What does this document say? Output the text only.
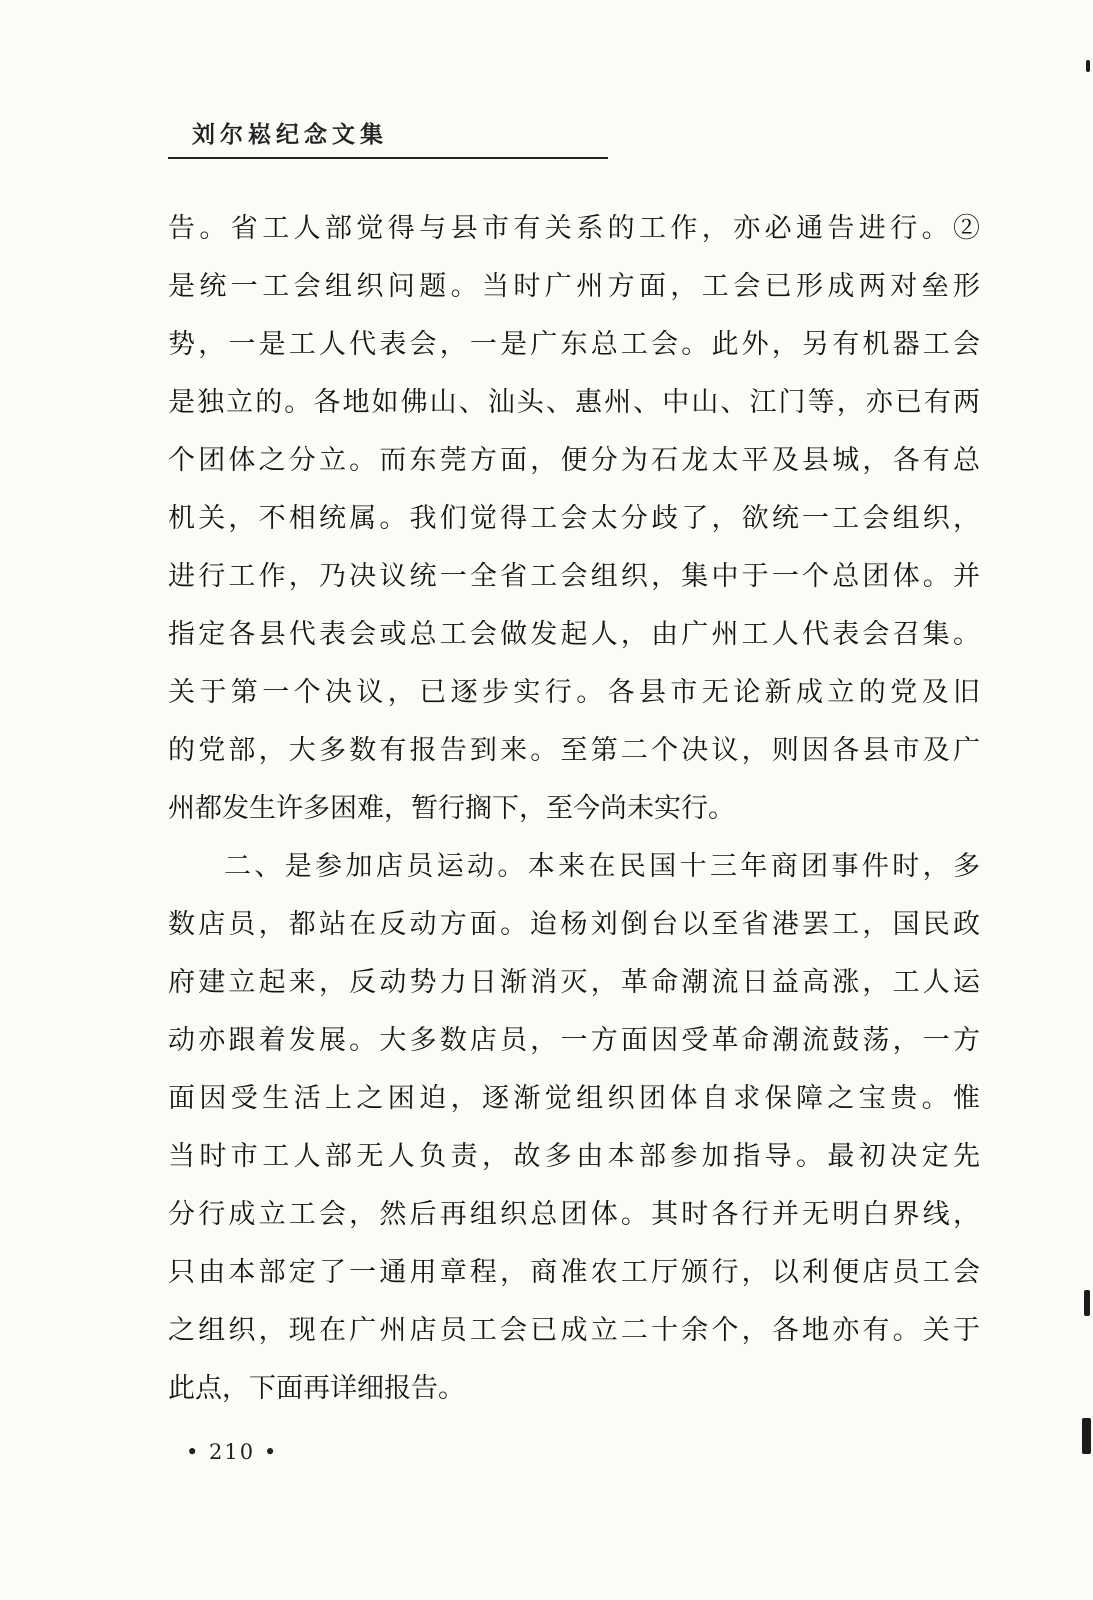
刘尔崧纪念文集
告。省工人部觉得与县市有关系的工作，亦必通告进行。②
是统一工会组织问题。当时广州方面，工会已形成两对垒形
势，一是工人代表会，一是广东总工会。此外，另有机器工会
是独立的。各地如佛山、汕头、惠州、中山、江门等，亦已有两
个团体之分立。而东莞方面，便分为石龙太平及县城，各有总
机关，不相统属。我们觉得工会太分歧了，欲统一工会组织，
进行工作，乃决议统一全省工会组织，集中于一个总团体。并
指定各县代表会或总工会做发起人，由广州工人代表会召集。
关于第一个决议，已逐步实行。各县市无论新成立的党及旧
的党部，大多数有报告到来。至第二个决议，则因各县市及广
州都发生许多困难，暂行搁下，至今尚未实行。
二、是参加店员运动。本来在民国十三年商团事件时，多
数店员，都站在反动方面。迨杨刘倒台以至省港罢工，国民政
府建立起来，反动势力日渐消灭，革命潮流日益高涨，工人运
动亦跟着发展。大多数店员，一方面因受革命潮流鼓荡，一方
面因受生活上之困迫，逐渐觉组织团体自求保障之宝贵。惟
当时市工人部无人负责，故多由本部参加指导。最初决定先
分行成立工会，然后再组织总团体。其时各行并无明白界线，
只由本部定了一通用章程，商准农工厅颁行，以利便店员工会
之组织，现在广州店员工会已成立二十余个，各地亦有。关于
此点，下面再详细报告。
• 210 •
